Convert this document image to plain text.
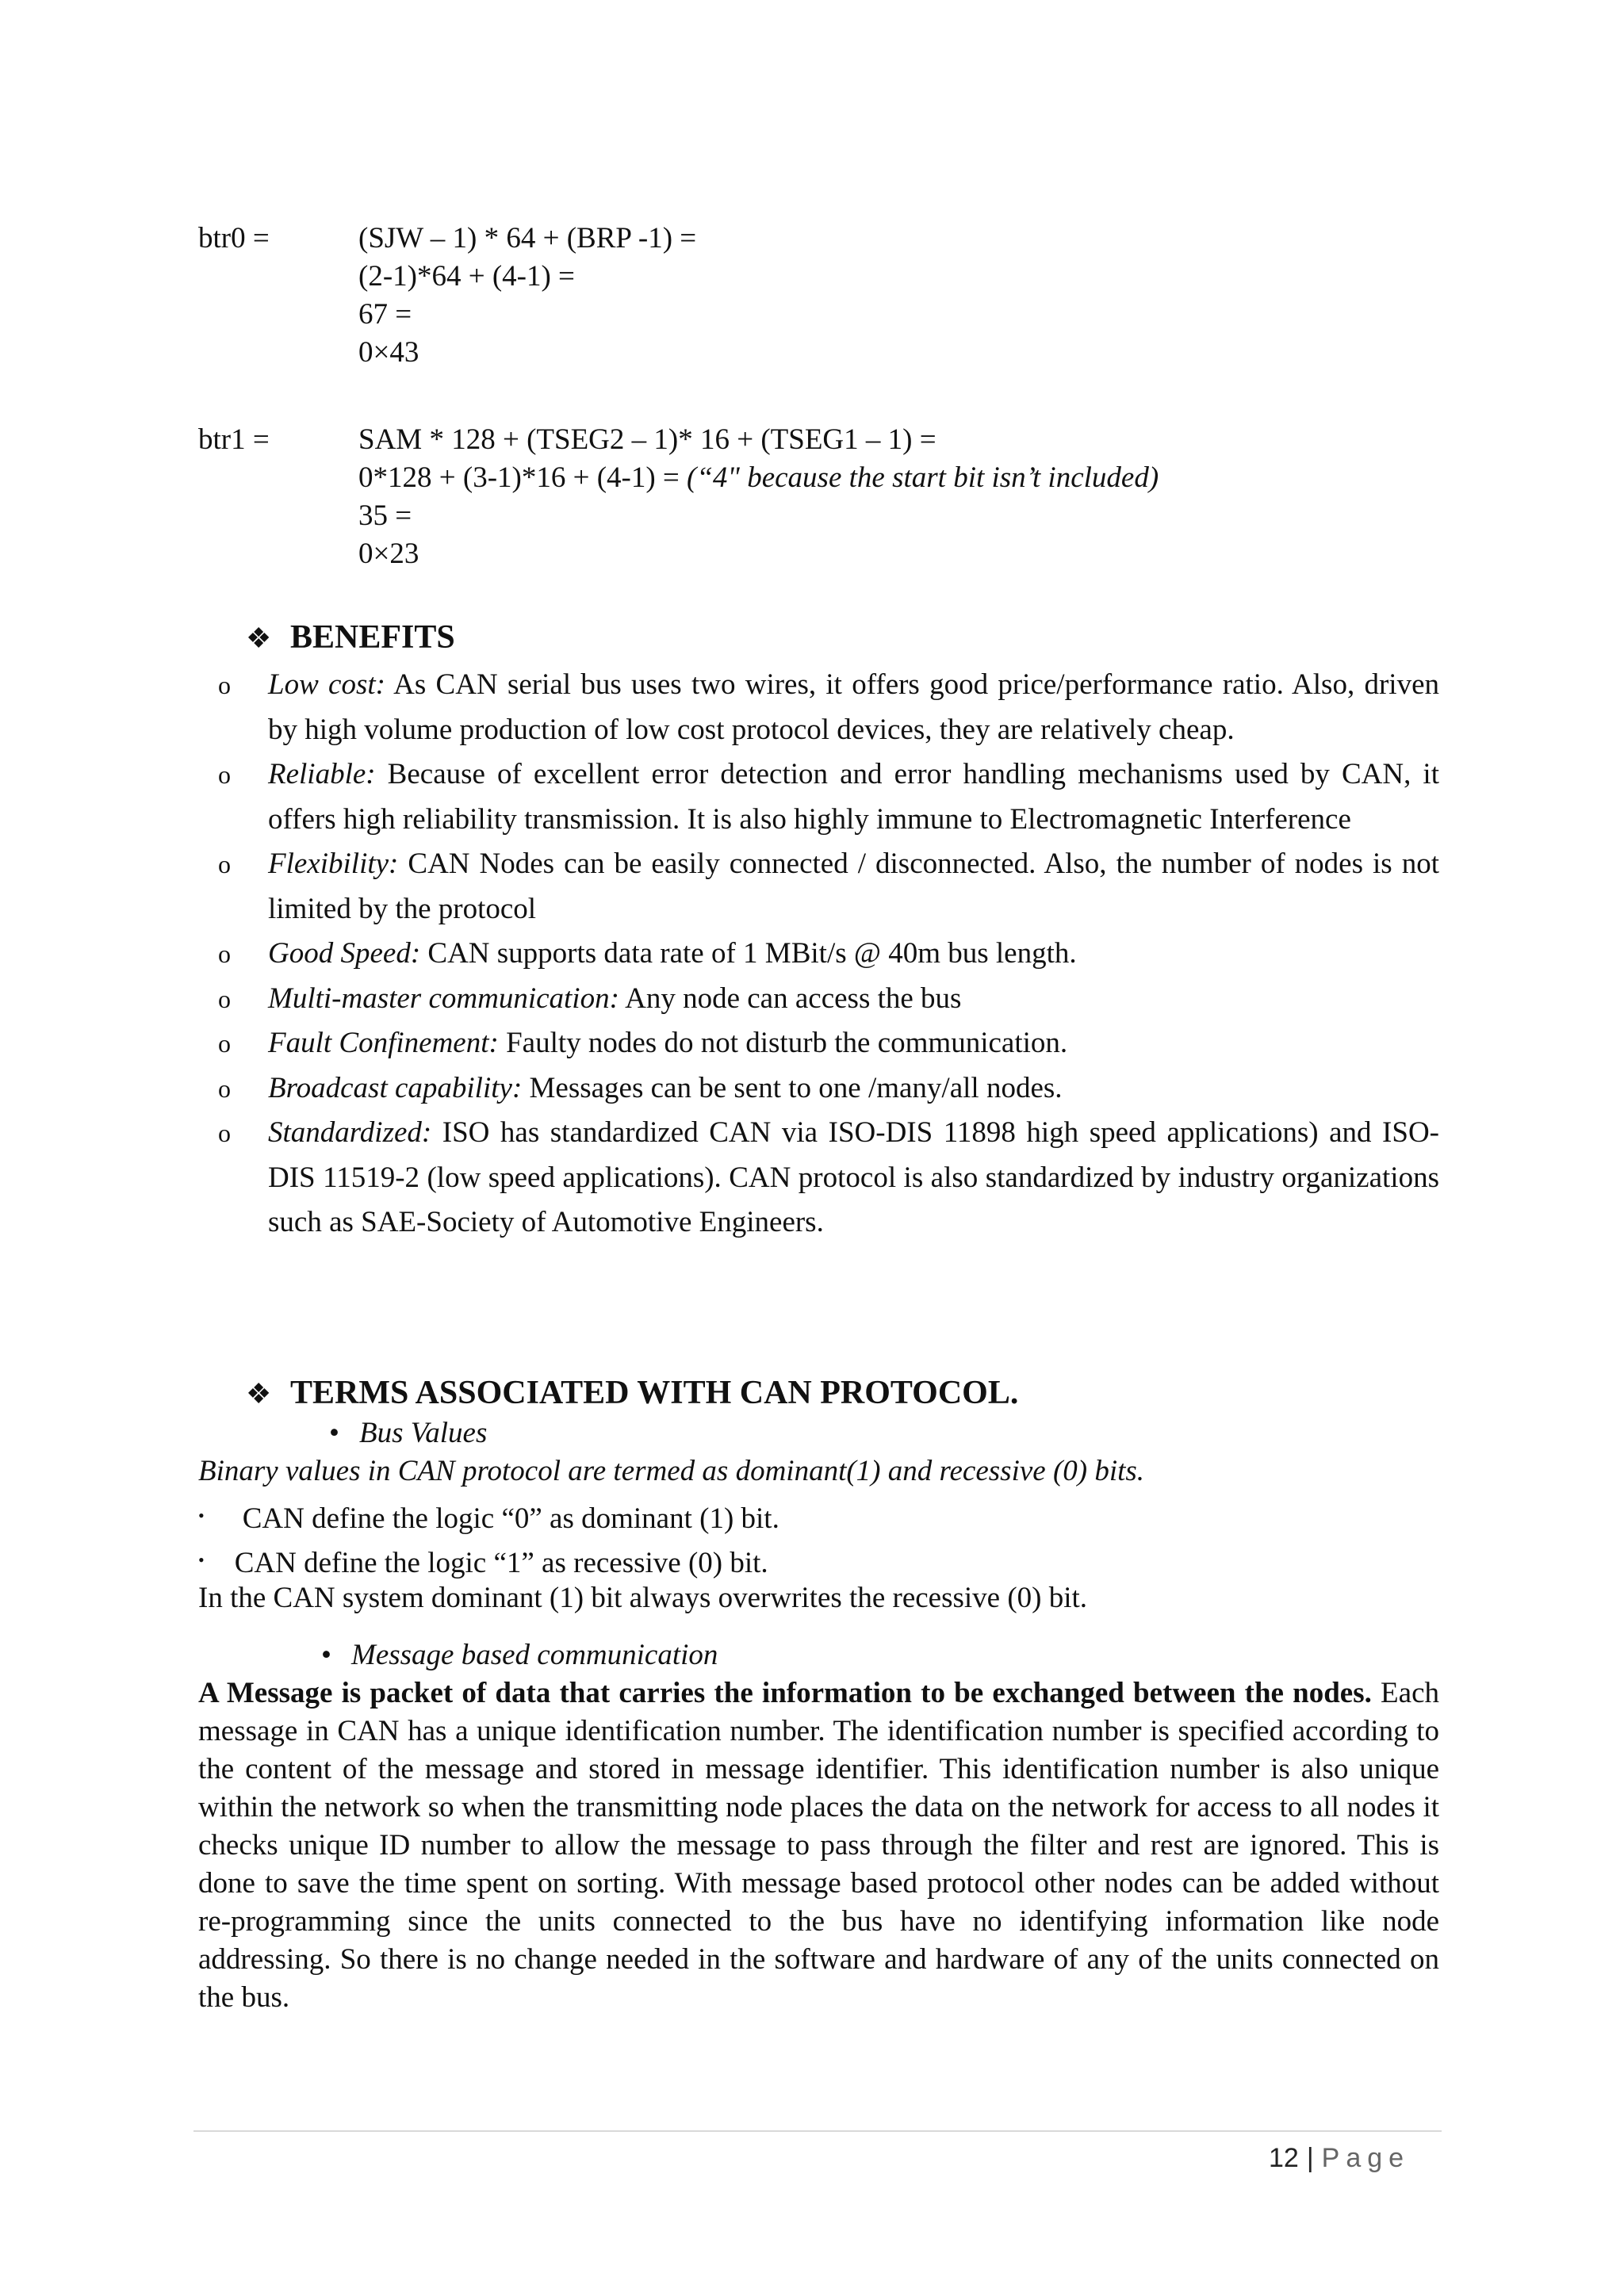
btr0 =	(SJW – 1) * 64 + (BRP -1) =
(2-1)*64 + (4-1) =
67 =
0×43
btr1 =	SAM * 128 + (TSEG2 – 1)* 16 + (TSEG1 – 1) =
0*128 + (3-1)*16 + (4-1) = (“4" because the start bit isn’t included)
35 =
0×23
❖ BENEFITS
o Low cost: As CAN serial bus uses two wires, it offers good price/performance ratio. Also, driven by high volume production of low cost protocol devices, they are relatively cheap.
o Reliable: Because of excellent error detection and error handling mechanisms used by CAN, it offers high reliability transmission. It is also highly immune to Electromagnetic Interference
o Flexibility: CAN Nodes can be easily connected / disconnected. Also, the number of nodes is not limited by the protocol
o Good Speed: CAN supports data rate of 1 MBit/s @ 40m bus length.
o Multi-master communication: Any node can access the bus
o Fault Confinement: Faulty nodes do not disturb the communication.
o Broadcast capability: Messages can be sent to one /many/all nodes.
o Standardized: ISO has standardized CAN via ISO-DIS 11898 high speed applications) and ISO-DIS 11519-2 (low speed applications). CAN protocol is also standardized by industry organizations such as SAE-Society of Automotive Engineers.
❖ TERMS ASSOCIATED WITH CAN PROTOCOL.
• Bus Values
Binary values in CAN protocol are termed as dominant(1) and recessive (0) bits.
• CAN define the logic “0” as dominant (1) bit.
• CAN define the logic “1” as recessive (0) bit.
In the CAN system dominant (1) bit always overwrites the recessive (0) bit.
• Message based communication

A Message is packet of data that carries the information to be exchanged between the nodes. Each message in CAN has a unique identification number. The identification number is specified according to the content of the message and stored in message identifier. This identification number is also unique within the network so when the transmitting node places the data on the network for access to all nodes it checks unique ID number to allow the message to pass through the filter and rest are ignored. This is done to save the time spent on sorting. With message based protocol other nodes can be added without re-programming since the units connected to the bus have no identifying information like node addressing. So there is no change needed in the software and hardware of any of the units connected on the bus.

12 | Page
